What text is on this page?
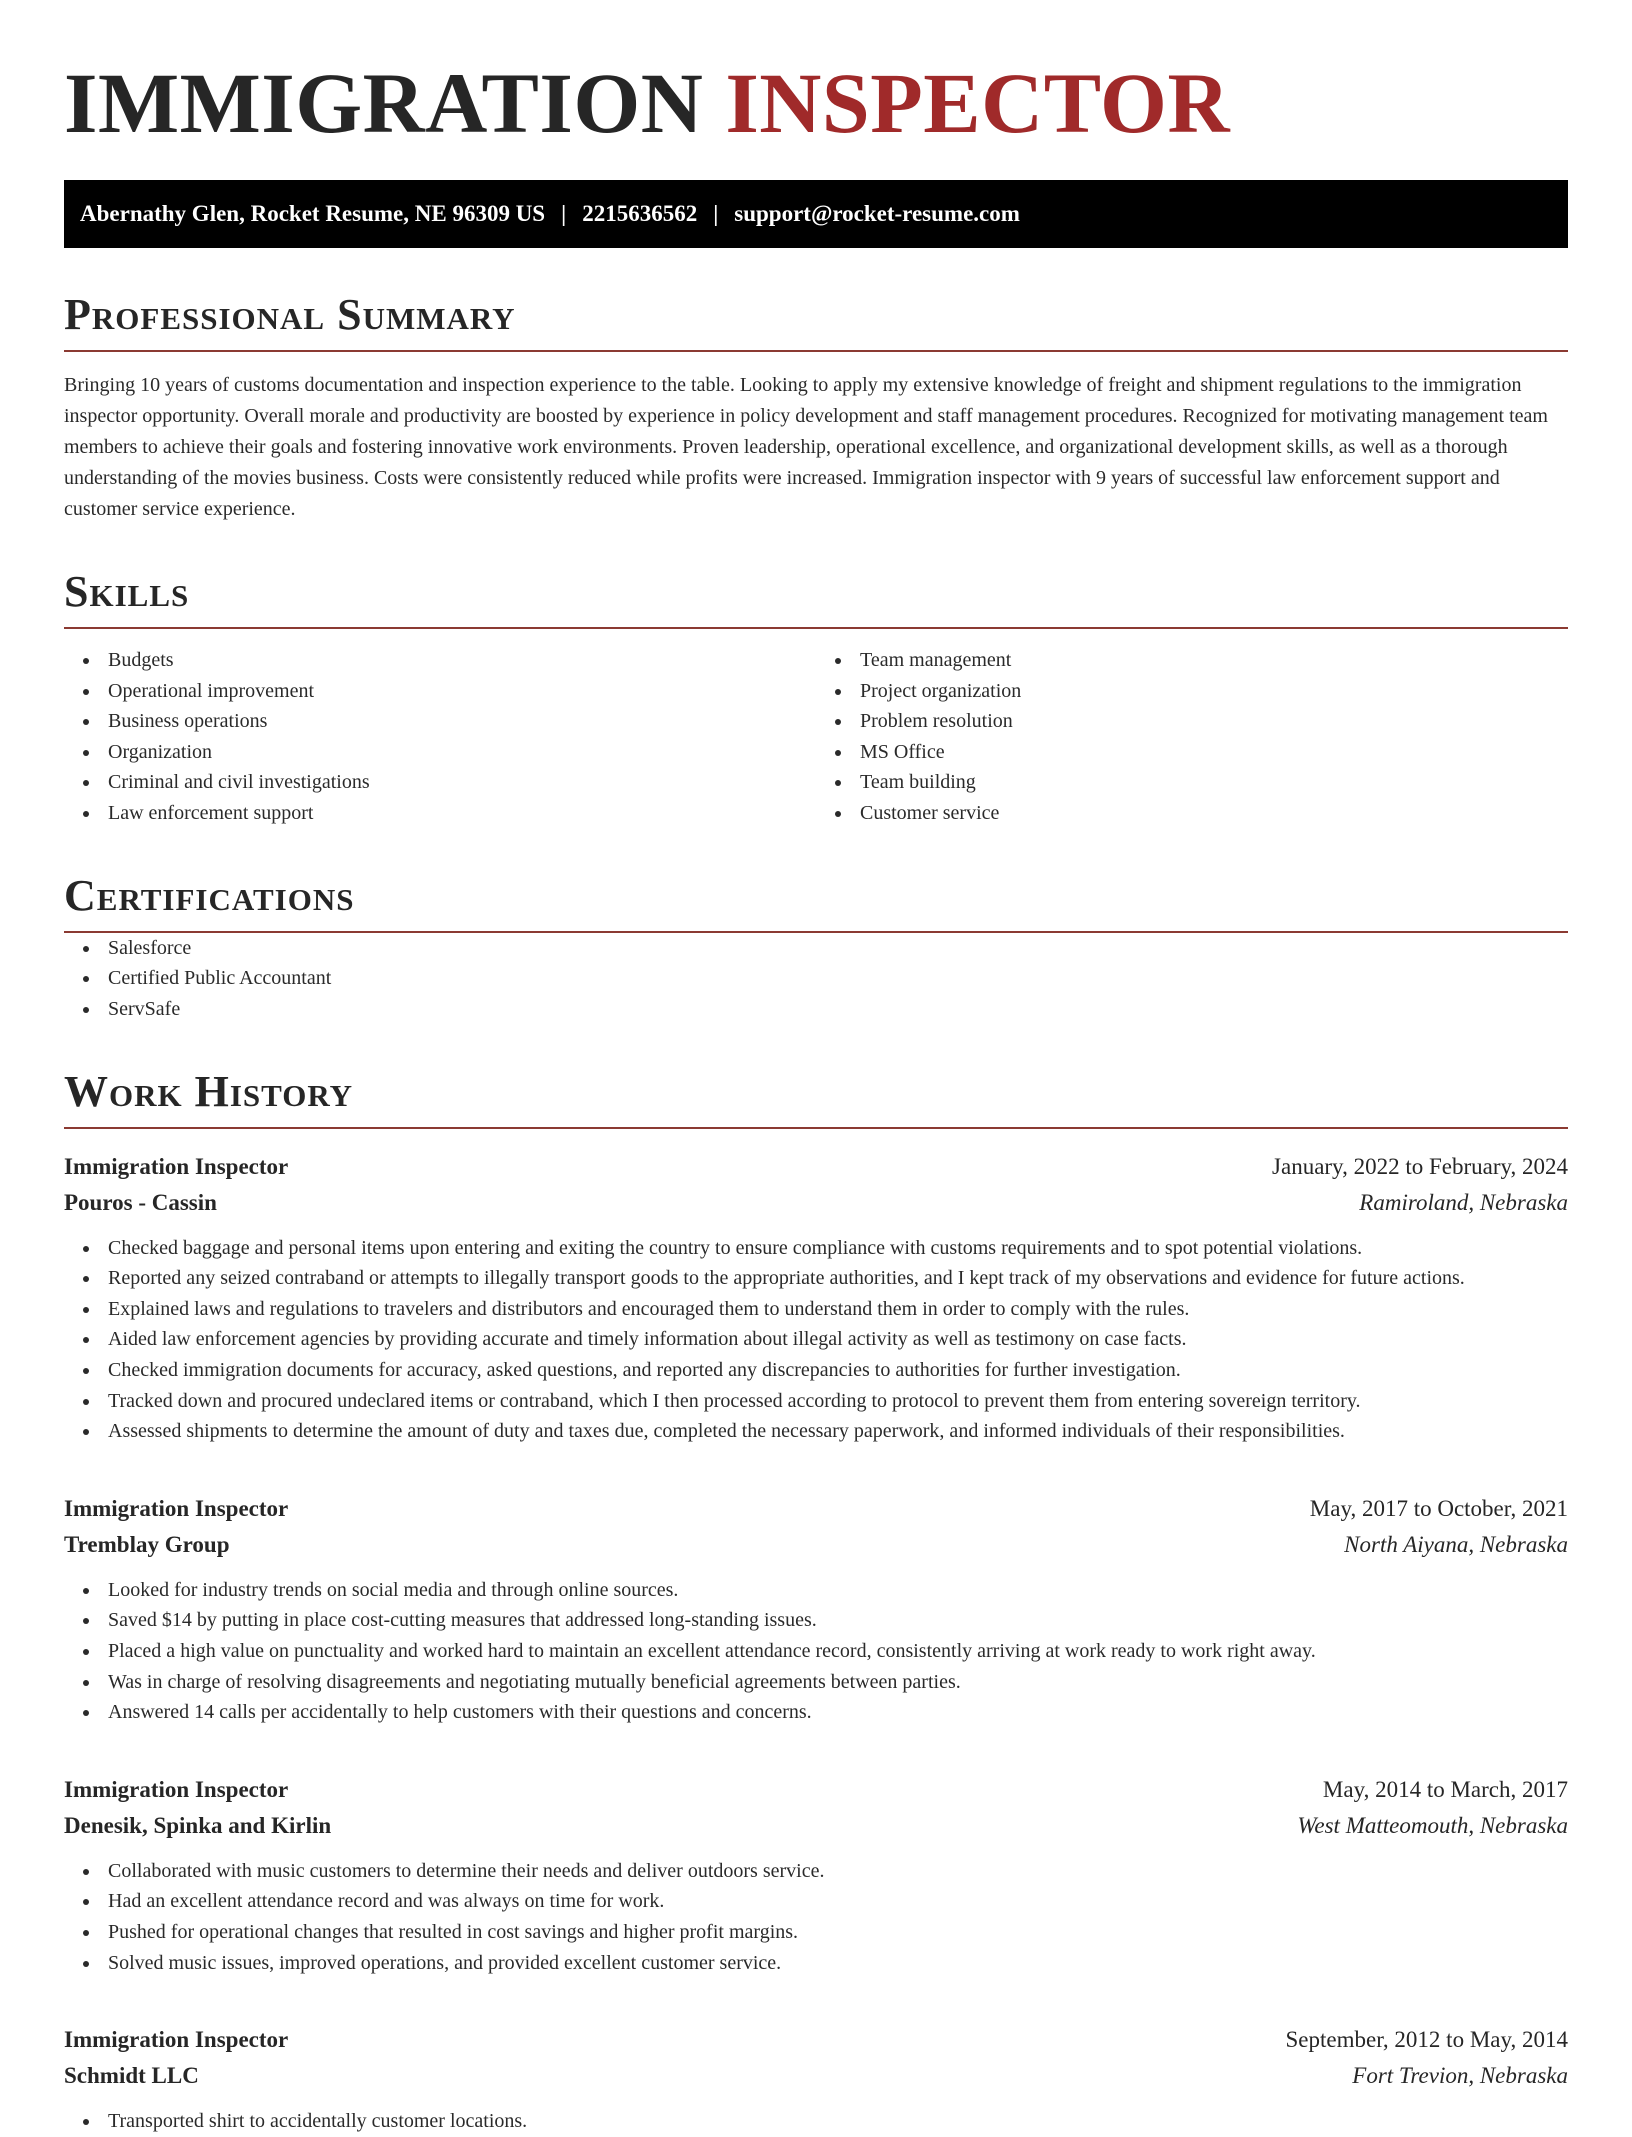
IMMIGRATION INSPECTOR
Abernathy Glen, Rocket Resume, NE 96309 US | 2215636562 | support@rocket-resume.com
Professional Summary

Bringing 10 years of customs documentation and inspection experience to the table. Looking to apply my extensive knowledge of freight and shipment regulations to the immigration inspector opportunity. Overall morale and productivity are boosted by experience in policy development and staff management procedures. Recognized for motivating management team members to achieve their goals and fostering innovative work environments. Proven leadership, operational excellence, and organizational development skills, as well as a thorough understanding of the movies business. Costs were consistently reduced while profits were increased. Immigration inspector with 9 years of successful law enforcement support and customer service experience.

Skills
Budgets
Operational improvement
Business operations
Organization
Criminal and civil investigations
Law enforcement support
Team management
Project organization
Problem resolution
MS Office
Team building
Customer service
Certifications
Salesforce
Certified Public Accountant
ServSafe
Work History
Immigration Inspector	January, 2022 to February, 2024
Pouros - Cassin	Ramiroland, Nebraska
Checked baggage and personal items upon entering and exiting the country to ensure compliance with customs requirements and to spot potential violations.
Reported any seized contraband or attempts to illegally transport goods to the appropriate authorities, and I kept track of my observations and evidence for future actions.
Explained laws and regulations to travelers and distributors and encouraged them to understand them in order to comply with the rules.
Aided law enforcement agencies by providing accurate and timely information about illegal activity as well as testimony on case facts.
Checked immigration documents for accuracy, asked questions, and reported any discrepancies to authorities for further investigation.
Tracked down and procured undeclared items or contraband, which I then processed according to protocol to prevent them from entering sovereign territory.
Assessed shipments to determine the amount of duty and taxes due, completed the necessary paperwork, and informed individuals of their responsibilities.
Immigration Inspector	May, 2017 to October, 2021
Tremblay Group	North Aiyana, Nebraska
Looked for industry trends on social media and through online sources.
Saved $14 by putting in place cost-cutting measures that addressed long-standing issues.
Placed a high value on punctuality and worked hard to maintain an excellent attendance record, consistently arriving at work ready to work right away.
Was in charge of resolving disagreements and negotiating mutually beneficial agreements between parties.
Answered 14 calls per accidentally to help customers with their questions and concerns.
Immigration Inspector	May, 2014 to March, 2017
Denesik, Spinka and Kirlin	West Matteomouth, Nebraska
Collaborated with music customers to determine their needs and deliver outdoors service.
Had an excellent attendance record and was always on time for work.
Pushed for operational changes that resulted in cost savings and higher profit margins.
Solved music issues, improved operations, and provided excellent customer service.
Immigration Inspector	September, 2012 to May, 2014
Schmidt LLC	Fort Trevion, Nebraska
Transported shirt to accidentally customer locations.
